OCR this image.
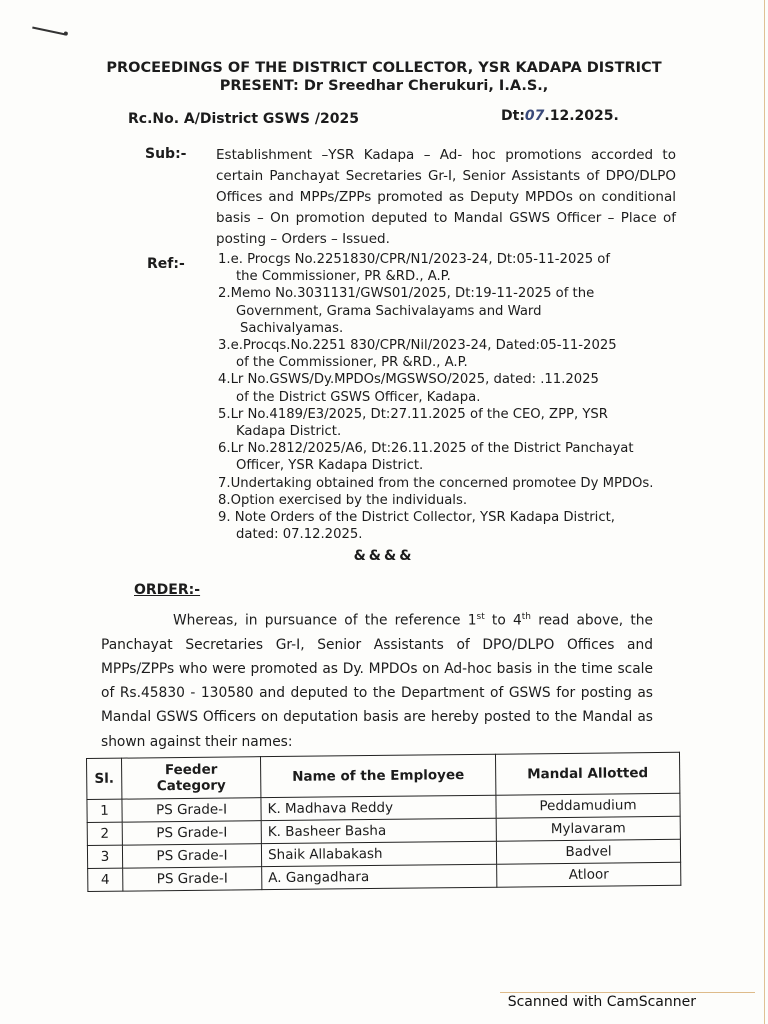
PROCEEDINGS OF THE DISTRICT COLLECTOR, YSR KADAPA DISTRICT
PRESENT: Dr Sreedhar Cherukuri, I.A.S.,
Rc.No. A/District GSWS /2025	Dt:07.12.2025.
Sub:- Establishment –YSR Kadapa – Ad- hoc promotions accorded to certain Panchayat Secretaries Gr-I, Senior Assistants of DPO/DLPO Offices and MPPs/ZPPs promoted as Deputy MPDOs on conditional basis – On promotion deputed to Mandal GSWS Officer – Place of posting – Orders – Issued.
Ref:-	1.e. Procgs No.2251830/CPR/N1/2023-24, Dt:05-11-2025 of
the Commissioner, PR &RD., A.P.
2.Memo No.3031131/GWS01/2025, Dt:19-11-2025 of the
Government, Grama Sachivalayams and Ward
Sachivalyamas.
3.e.Procqs.No.2251 830/CPR/Nil/2023-24, Dated:05-11-2025
of the Commissioner, PR &RD., A.P.
4.Lr No.GSWS/Dy.MPDOs/MGSWSO/2025, dated: .11.2025
of the District GSWS Officer, Kadapa.
5.Lr No.4189/E3/2025, Dt:27.11.2025 of the CEO, ZPP, YSR
Kadapa District.
6.Lr No.2812/2025/A6, Dt:26.11.2025 of the District Panchayat
Officer, YSR Kadapa District.
7.Undertaking obtained from the concerned promotee Dy MPDOs.
8.Option exercised by the individuals.
9. Note Orders of the District Collector, YSR Kadapa District,
dated: 07.12.2025.
&&&&
ORDER:-

Whereas, in pursuance of the reference 1st to 4th read above, the Panchayat Secretaries Gr-I, Senior Assistants of DPO/DLPO Offices and MPPs/ZPPs who were promoted as Dy. MPDOs on Ad-hoc basis in the time scale of Rs.45830 - 130580 and deputed to the Department of GSWS for posting as Mandal GSWS Officers on deputation basis are hereby posted to the Mandal as shown against their names:

Sl.	Feeder Category	Name of the Employee	Mandal Allotted
1	PS Grade-I	K. Madhava Reddy	Peddamudium
2	PS Grade-I	K. Basheer Basha	Mylavaram
3	PS Grade-I	Shaik Allabakash	Badvel
4	PS Grade-I	A. Gangadhara	Atloor
Scanned with CamScanner
